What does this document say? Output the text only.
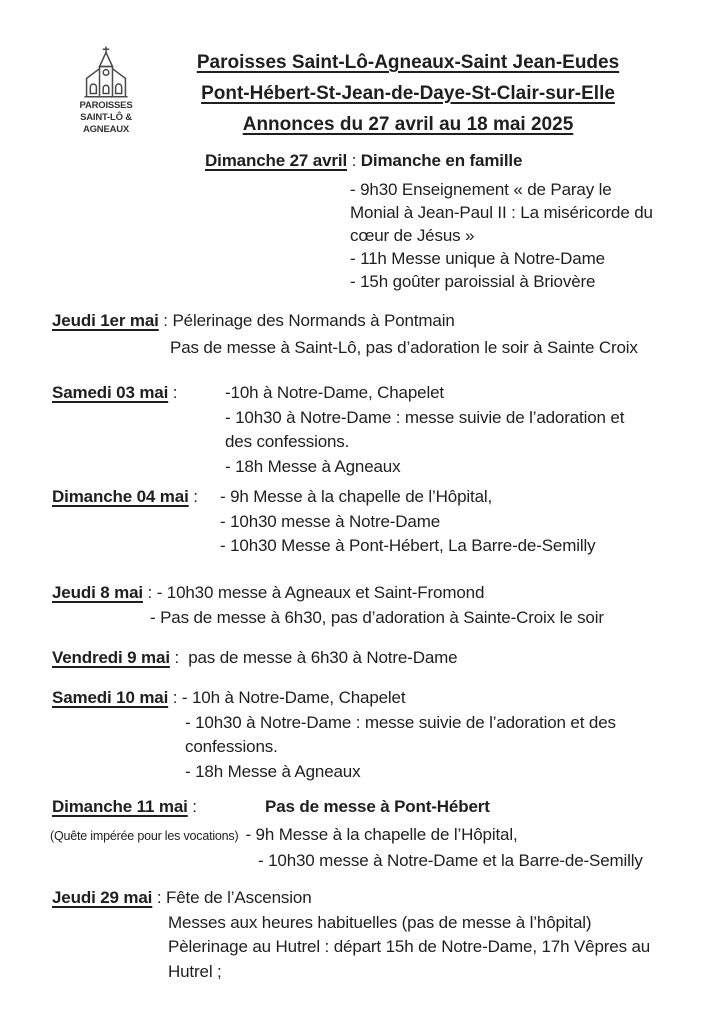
PAROISSES
SAINT-LÔ & AGNEAUX
Paroisses Saint-Lô-Agneaux-Saint Jean-Eudes
Pont-Hébert-St-Jean-de-Daye-St-Clair-sur-Elle
Annonces du 27 avril au 18 mai 2025
Dimanche 27 avril : Dimanche en famille
- 9h30 Enseignement « de Paray le
Monial à Jean-Paul II : La miséricorde du
cœur de Jésus »
- 11h Messe unique à Notre-Dame
- 15h goûter paroissial à Briovère
Jeudi 1er mai : Pélerinage des Normands à Pontmain
Pas de messe à Saint-Lô, pas d’adoration le soir à Sainte Croix
Samedi 03 mai :	-10h à Notre-Dame, Chapelet
- 10h30 à Notre-Dame : messe suivie de l’adoration et
des confessions.
- 18h Messe à Agneaux
Dimanche 04 mai : - 9h Messe à la chapelle de l’Hôpital,
- 10h30 messe à Notre-Dame
- 10h30 Messe à Pont-Hébert, La Barre-de-Semilly
Jeudi 8 mai : - 10h30 messe à Agneaux et Saint-Fromond
- Pas de messe à 6h30, pas d’adoration à Sainte-Croix le soir
Vendredi 9 mai :  pas de messe à 6h30 à Notre-Dame
Samedi 10 mai : - 10h à Notre-Dame, Chapelet
- 10h30 à Notre-Dame : messe suivie de l’adoration et des
confessions.
- 18h Messe à Agneaux
Dimanche 11 mai :	Pas de messe à Pont-Hébert
(Quête impérée pour les vocations) - 9h Messe à la chapelle de l’Hôpital,
- 10h30 messe à Notre-Dame et la Barre-de-Semilly
Jeudi 29 mai : Fête de l’Ascension
Messes aux heures habituelles (pas de messe à l’hôpital)
Pèlerinage au Hutrel : départ 15h de Notre-Dame, 17h Vêpres au
Hutrel ;
